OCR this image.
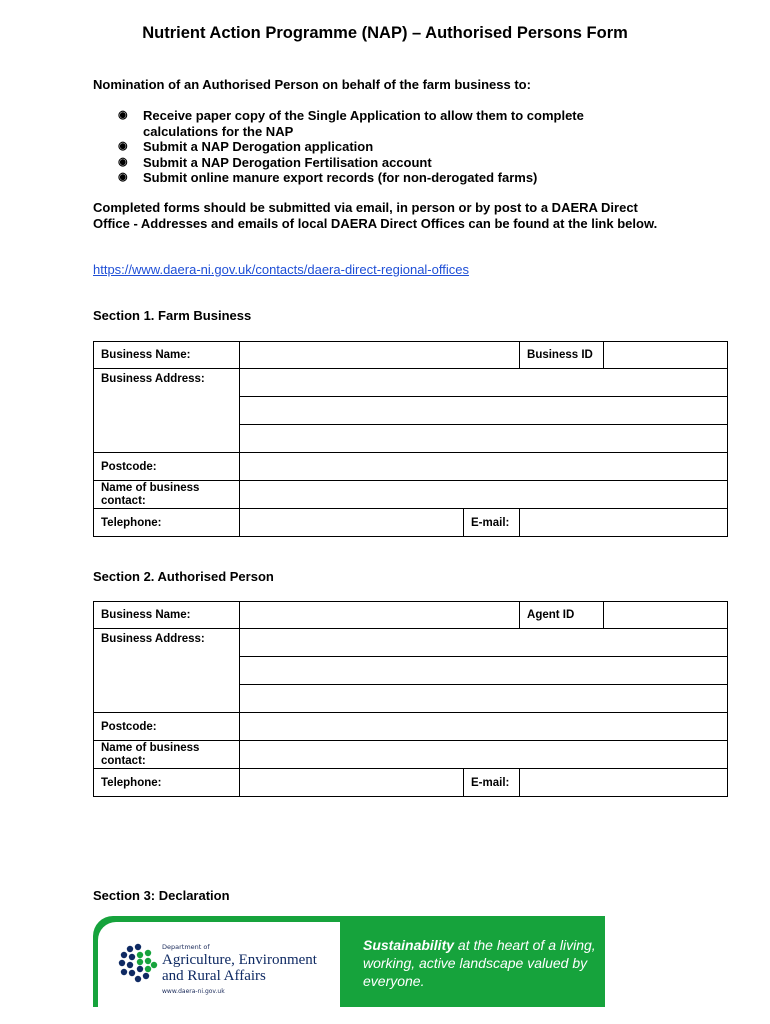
Nutrient Action Programme (NAP) – Authorised Persons Form
Nomination of an Authorised Person on behalf of the farm business to:
◉ Receive paper copy of the Single Application to allow them to complete calculations for the NAP
◉ Submit a NAP Derogation application
◉ Submit a NAP Derogation Fertilisation account
◉ Submit online manure export records (for non-derogated farms)
Completed forms should be submitted via email, in person or by post to a DAERA Direct Office - Addresses and emails of local DAERA Direct Offices can be found at the link below.
https://www.daera-ni.gov.uk/contacts/daera-direct-regional-offices
Section 1. Farm Business
Business Name:			Business ID	
Business Address:				

Postcode:				
Name of business contact:				
Telephone:		E-mail:		
Section 2. Authorised Person
Business Name:			Agent ID	
Business Address:				

Postcode:				
Name of business contact:				
Telephone:		E-mail:		
Section 3: Declaration
Department of
Agriculture, Environment and Rural Affairs
www.daera-ni.gov.uk
Sustainability at the heart of a living, working, active landscape valued by everyone.
